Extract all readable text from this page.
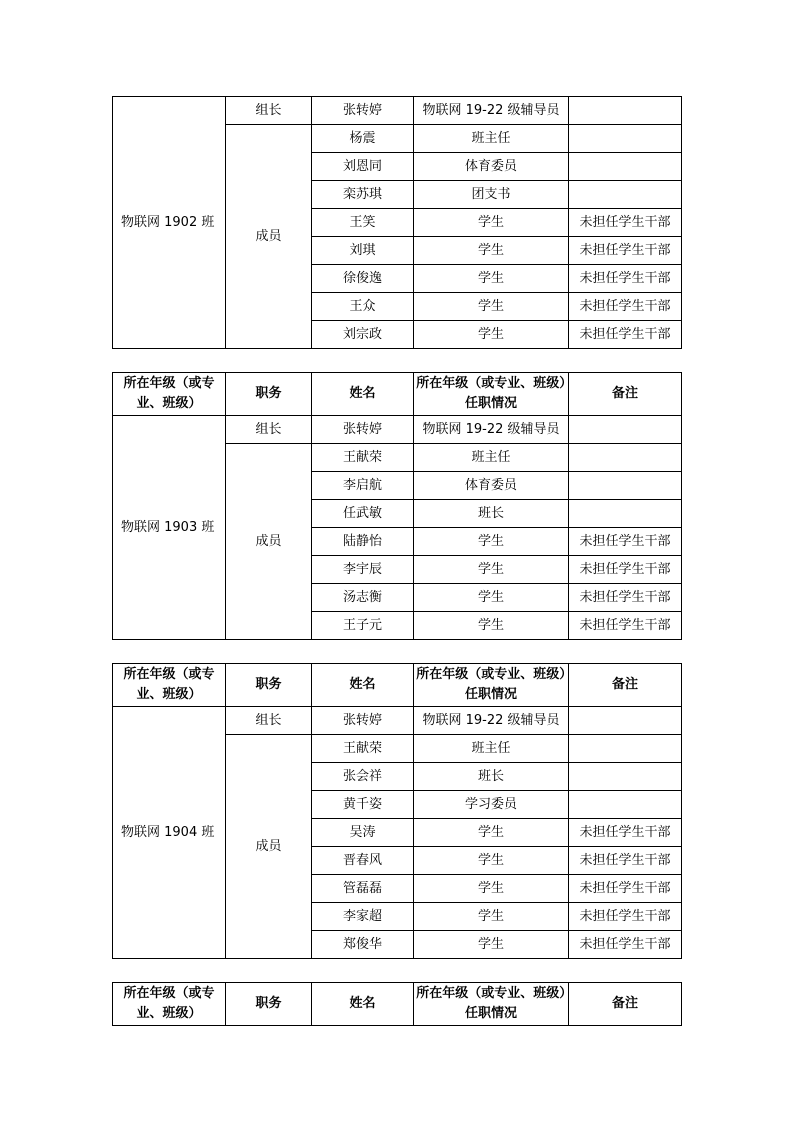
物联网 1902 班	组长	张转婷	物联网 19-22 级辅导员	
	成员	杨震	班主任	
		刘恩同	体育委员	
		栾苏琪	团支书	
		王笑	学生	未担任学生干部
		刘琪	学生	未担任学生干部
		徐俊逸	学生	未担任学生干部
		王众	学生	未担任学生干部
		刘宗政	学生	未担任学生干部
所在年级（或专业、班级）	职务	姓名	所在年级（或专业、班级）任职情况	备注
物联网 1903 班	组长	张转婷	物联网 19-22 级辅导员	
	成员	王献荣	班主任	
		李启航	体育委员	
		任武敏	班长	
		陆静怡	学生	未担任学生干部
		李宇辰	学生	未担任学生干部
		汤志衡	学生	未担任学生干部
		王子元	学生	未担任学生干部
所在年级（或专业、班级）	职务	姓名	所在年级（或专业、班级）任职情况	备注
物联网 1904 班	组长	张转婷	物联网 19-22 级辅导员	
	成员	王献荣	班主任	
		张会祥	班长	
		黄千姿	学习委员	
		吴涛	学生	未担任学生干部
		晋春风	学生	未担任学生干部
		管磊磊	学生	未担任学生干部
		李家超	学生	未担任学生干部
		郑俊华	学生	未担任学生干部
所在年级（或专业、班级）	职务	姓名	所在年级（或专业、班级）任职情况	备注
